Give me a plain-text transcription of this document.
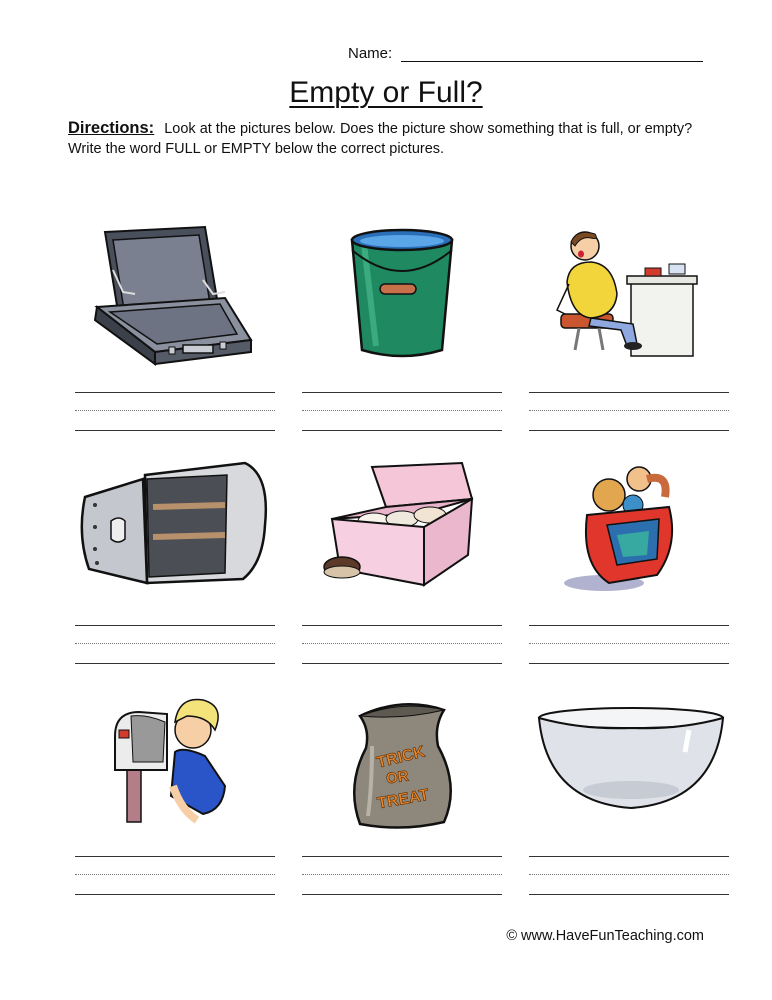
Name:
Empty or Full?
Directions: Look at the pictures below. Does the picture show something that is full, or empty? Write the word FULL or EMPTY below the correct pictures.
TRICK
OR
TREAT
© www.HaveFunTeaching.com
